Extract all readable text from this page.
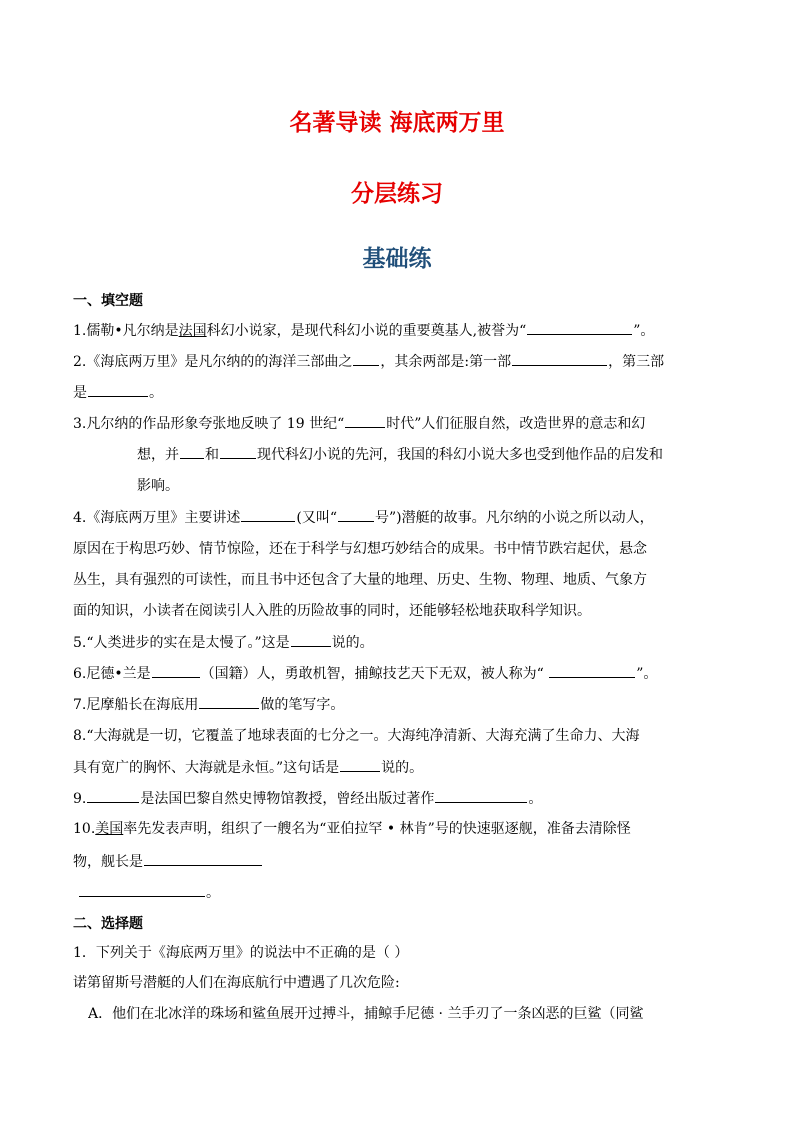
名著导读 海底两万里
分层练习
基础练
一、填空题
1.儒勒•凡尔纳是法国科幻小说家，是现代科幻小说的重要奠基人,被誉为“	”。
2.《海底两万里》是凡尔纳的的海洋三部曲之 ，其余两部是:第一部	，第三部
是	。
3.凡尔纳的作品形象夸张地反映了 19 世纪“	时代”人们征服自然，改造世界的意志和幻
想，并 和	现代科幻小说的先河，我国的科幻小说大多也受到他作品的启发和
影响。
4.《海底两万里》主要讲述	(又叫“	号”)潜艇的故事。凡尔纳的小说之所以动人，
原因在于构思巧妙、情节惊险，还在于科学与幻想巧妙结合的成果。书中情节跌宕起伏，悬念
丛生，具有强烈的可读性，而且书中还包含了大量的地理、历史、生物、物理、地质、气象方
面的知识，小读者在阅读引人入胜的历险故事的同时，还能够轻松地获取科学知识。
5.“人类进步的实在是太慢了。”这是	说的。
6.尼德•兰是	（国籍）人，勇敢机智，捕鲸技艺天下无双，被人称为“	”。
7.尼摩船长在海底用	做的笔写字。
8.“大海就是一切，它覆盖了地球表面的七分之一。大海纯净清新、大海充满了生命力、大海
具有宽广的胸怀、大海就是永恒。”这句话是	说的。
9.	是法国巴黎自然史博物馆教授，曾经出版过著作	。
10.美国率先发表声明，组织了一艘名为“亚伯拉罕 • 林肯”号的快速驱逐舰，准备去清除怪
物，舰长是
。
二、选择题
1．下列关于《海底两万里》的说法中不正确的是（ ）
诺第留斯号潜艇的人们在海底航行中遭遇了几次危险:
A．他们在北冰洋的珠场和鲨鱼展开过搏斗，捕鲸手尼德 · 兰手刃了一条凶恶的巨鲨（同鲨
